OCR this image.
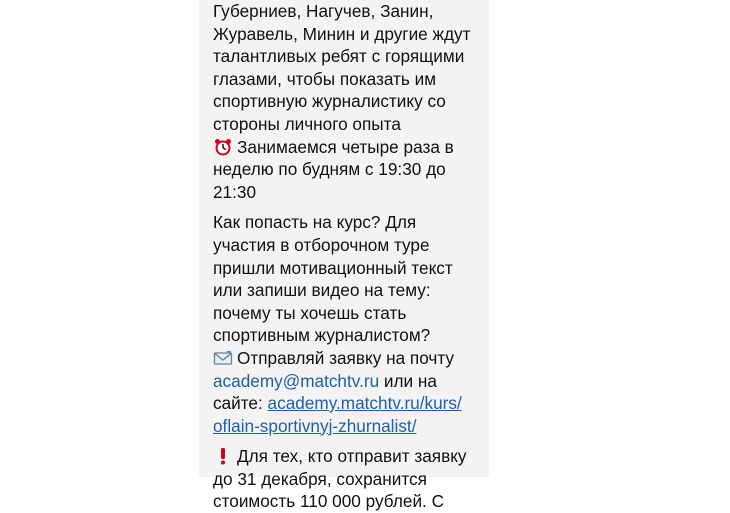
Губерниев, Нагучев, Занин,
Журавель, Минин и другие ждут
талантливых ребят с горящими
глазами, чтобы показать им
спортивную журналистику со
стороны личного опыта
Занимаемся четыре раза в
неделю по будням с 19:30 до
21:30
Как попасть на курс? Для
участия в отборочном туре
пришли мотивационный текст
или запиши видео на тему:
почему ты хочешь стать
спортивным журналистом?
Отправляй заявку на почту
academy@matchtv.ru или на
сайте: academy.matchtv.ru/kurs/
oflain-sportivnyj-zhurnalist/
Для тех, кто отправит заявку
до 31 декабря, сохранится
стоимость 110 000 рублей. С
